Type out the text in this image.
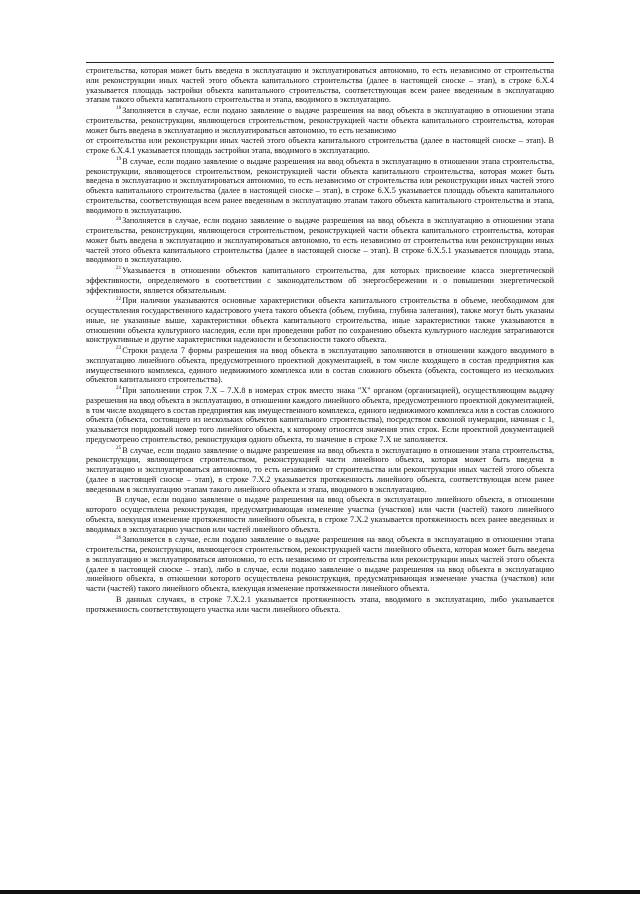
строительства, которая может быть введена в эксплуатацию и эксплуатироваться автономно, то есть независимо от строительства или реконструкции иных частей этого объекта капитального строительства (далее в настоящей сноске – этап), в строке 6.X.4 указывается площадь застройки объекта капитального строительства, соответствующая всем ранее введенным в эксплуатацию этапам такого объекта капитального строительства и этапа, вводимого в эксплуатацию.

$^{18}$Заполняется в случае, если подано заявление о выдаче разрешения на ввод объекта в эксплуатацию в отношении этапа строительства, реконструкции, являющегося строительством, реконструкцией части объекта капитального строительства, которая может быть введена в эксплуатацию и эксплуатироваться автономно, то есть независимо

от строительства или реконструкции иных частей этого объекта капитального строительства (далее в настоящей сноске – этап). В строке 6.X.4.1 указывается площадь застройки этапа, вводимого в эксплуатацию.

$^{19}$В случае, если подано заявление о выдаче разрешения на ввод объекта в эксплуатацию в отношении этапа строительства, реконструкции, являющегося строительством, реконструкцией части объекта капитального строительства, которая может быть введена в эксплуатацию и эксплуатироваться автономно, то есть независимо от строительства или реконструкции иных частей этого объекта капитального строительства (далее в настоящей сноске – этап), в строке 6.X.5 указывается площадь объекта капитального строительства, соответствующая всем ранее введенным в эксплуатацию этапам такого объекта капитального строительства и этапа, вводимого в эксплуатацию.

$^{20}$Заполняется в случае, если подано заявление о выдаче разрешения на ввод объекта в эксплуатацию в отношении этапа строительства, реконструкции, являющегося строительством, реконструкцией части объекта капитального строительства, которая может быть введена в эксплуатацию и эксплуатироваться автономно, то есть независимо от строительства или реконструкции иных частей этого объекта капитального строительства (далее в настоящей сноске – этап). В строке 6.X.5.1 указывается площадь этапа, вводимого в эксплуатацию.

$^{21}$Указывается в отношении объектов капитального строительства, для которых присвоение класса энергетической эффективности, определяемого в соответствии с законодательством об энергосбережении и о повышении энергетической эффективности, является обязательным.

$^{22}$При наличии указываются основные характеристики объекта капитального строительства в объеме, необходимом для осуществления государственного кадастрового учета такого объекта (объем, глубина, глубина залегания), также могут быть указаны иные, не указанные выше, характеристики объекта капитального строительства, иные характеристики также указываются в отношении объекта культурного наследия, если при проведении работ по сохранению объекта культурного наследия затрагиваются конструктивные и другие характеристики надежности и безопасности такого объекта.

$^{23}$Строки раздела 7 формы разрешения на ввод объекта в эксплуатацию заполняются в отношении каждого вводимого в эксплуатацию линейного объекта, предусмотренного проектной документацией, в том числе входящего в состав предприятия как имущественного комплекса, единого недвижимого комплекса или в состав сложного объекта (объекта, состоящего из нескольких объектов капитального строительства).

$^{24}$При заполнении строк 7.X – 7.X.8 в номерах строк вместо знака "X" органом (организацией), осуществляющим выдачу разрешения на ввод объекта в эксплуатацию, в отношении каждого линейного объекта, предусмотренного проектной документацией, в том числе входящего в состав предприятия как имущественного комплекса, единого недвижимого комплекса или в состав сложного объекта (объекта, состоящего из нескольких объектов капитального строительства), посредством сквозной нумерации, начиная с 1, указывается порядковый номер того линейного объекта, к которому относятся значения этих строк. Если проектной документацией предусмотрено строительство, реконструкция одного объекта, то значение в строке 7.X не заполняется.

$^{25}$В случае, если подано заявление о выдаче разрешения на ввод объекта в эксплуатацию в отношении этапа строительства, реконструкции, являющегося строительством, реконструкцией части линейного объекта, которая может быть введена в эксплуатацию и эксплуатироваться автономно, то есть независимо от строительства или реконструкции иных частей этого объекта (далее в настоящей сноске – этап), в строке 7.X.2 указывается протяженность линейного объекта, соответствующая всем ранее введенным в эксплуатацию этапам такого линейного объекта и этапа, вводимого в эксплуатацию.

В случае, если подано заявление о выдаче разрешения на ввод объекта в эксплуатацию линейного объекта, в отношении которого осуществлена реконструкция, предусматривающая изменение участка (участков) или части (частей) такого линейного объекта, влекущая изменение протяженности линейного объекта, в строке 7.X.2 указывается протяженность всех ранее введенных и вводимых в эксплуатацию участков или частей линейного объекта.

$^{26}$Заполняется в случае, если подано заявление о выдаче разрешения на ввод объекта в эксплуатацию в отношении этапа строительства, реконструкции, являющегося строительством, реконструкцией части линейного объекта, которая может быть введена в эксплуатацию и эксплуатироваться автономно, то есть независимо от строительства или реконструкции иных частей этого объекта (далее в настоящей сноске – этап), либо в случае, если подано заявление о выдаче разрешения на ввод объекта в эксплуатацию линейного объекта, в отношении которого осуществлена реконструкция, предусматривающая изменение участка (участков) или части (частей) такого линейного объекта, влекущая изменение протяженности линейного объекта.

В данных случаях, в строке 7.X.2.1 указывается протяженность этапа, вводимого в эксплуатацию, либо указывается протяженность соответствующего участка или части линейного объекта.
